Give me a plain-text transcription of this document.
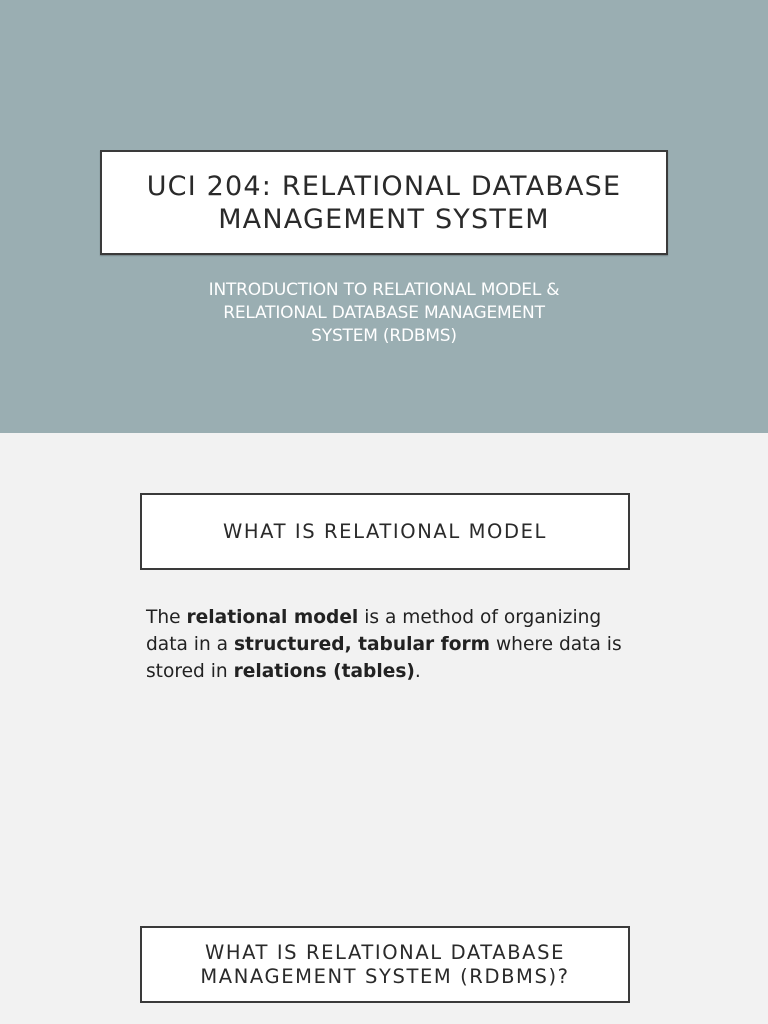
UCI 204: RELATIONAL DATABASE
MANAGEMENT SYSTEM
INTRODUCTION TO RELATIONAL MODEL &
RELATIONAL DATABASE MANAGEMENT
SYSTEM (RDBMS)
WHAT IS RELATIONAL MODEL
The relational model is a method of organizing data in a structured, tabular form where data is stored in relations (tables).
WHAT IS RELATIONAL DATABASE
MANAGEMENT SYSTEM (RDBMS)?
